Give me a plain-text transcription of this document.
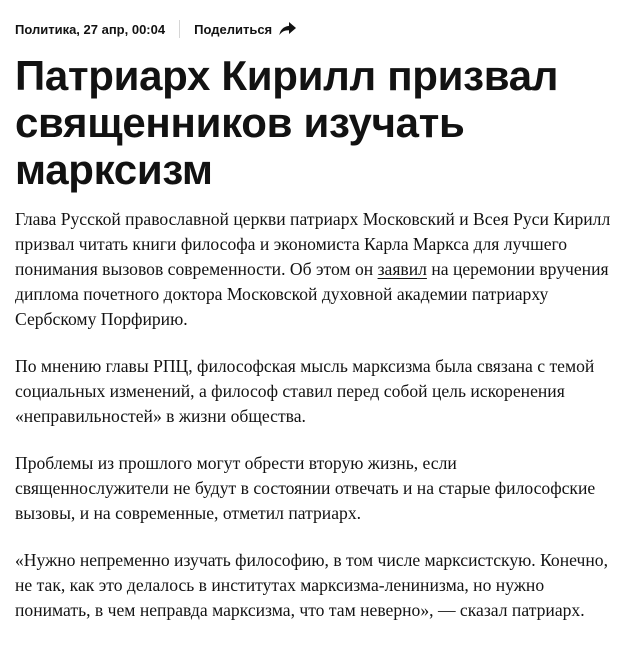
Политика, 27 апр, 00:04 Поделиться
Патриарх Кирилл призвал священников изучать марксизм

Глава Русской православной церкви патриарх Московский и Всея Руси Кирилл призвал читать книги философа и экономиста Карла Маркса для лучшего понимания вызовов современности. Об этом он заявил на церемонии вручения диплома почетного доктора Московской духовной академии патриарху Сербскому Порфирию.

По мнению главы РПЦ, философская мысль марксизма была связана с темой социальных изменений, а философ ставил перед собой цель искоренения «неправильностей» в жизни общества.

Проблемы из прошлого могут обрести вторую жизнь, если священнослужители не будут в состоянии отвечать и на старые философские вызовы, и на современные, отметил патриарх.

«Нужно непременно изучать философию, в том числе марксистскую. Конечно, не так, как это делалось в институтах марксизма-ленинизма, но нужно понимать, в чем неправда марксизма, что там неверно», — сказал патриарх.
